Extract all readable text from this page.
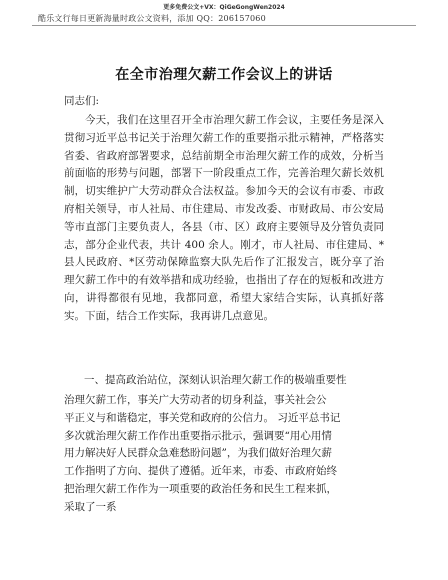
更多免费公文+VX：QiGeGongWen2024
酷乐文行每日更新海量时政公文资料，添加 QQ：206157060
在全市治理欠薪工作会议上的讲话
同志们:
今天，我们在这里召开全市治理欠薪工作会议，主要任务是深入贯彻习近平总书记关于治理欠薪工作的重要指示批示精神，严格落实省委、省政府部署要求，总结前期全市治理欠薪工作的成效，分析当前面临的形势与问题，部署下一阶段重点工作，完善治理欠薪长效机制，切实维护广大劳动群众合法权益。参加今天的会议有市委、市政府相关领导，市人社局、市住建局、市发改委、市财政局、市公安局等市直部门主要负责人，各县（市、区）政府主要领导及分管负责同志，部分企业代表，共计 400 余人。刚才，市人社局、市住建局、*县人民政府、*区劳动保障监察大队先后作了汇报发言，既分享了治理欠薪工作中的有效举措和成功经验，也指出了存在的短板和改进方向，讲得都很有见地，我都同意，希望大家结合实际，认真抓好落实。下面，结合工作实际，我再讲几点意见。
一、提高政治站位，深刻认识治理欠薪工作的极端重要性
治理欠薪工作，事关广大劳动者的切身利益，事关社会公
平正义与和谐稳定，事关党和政府的公信力。 习近平总书记
多次就治理欠薪工作作出重要指示批示，强调要“用心用情
用力解决好人民群众急难愁盼问题”，为我们做好治理欠薪
工作指明了方向、提供了遵循。近年来，市委、市政府始终
把治理欠薪工作作为一项重要的政治任务和民生工程来抓，
采取了一系
